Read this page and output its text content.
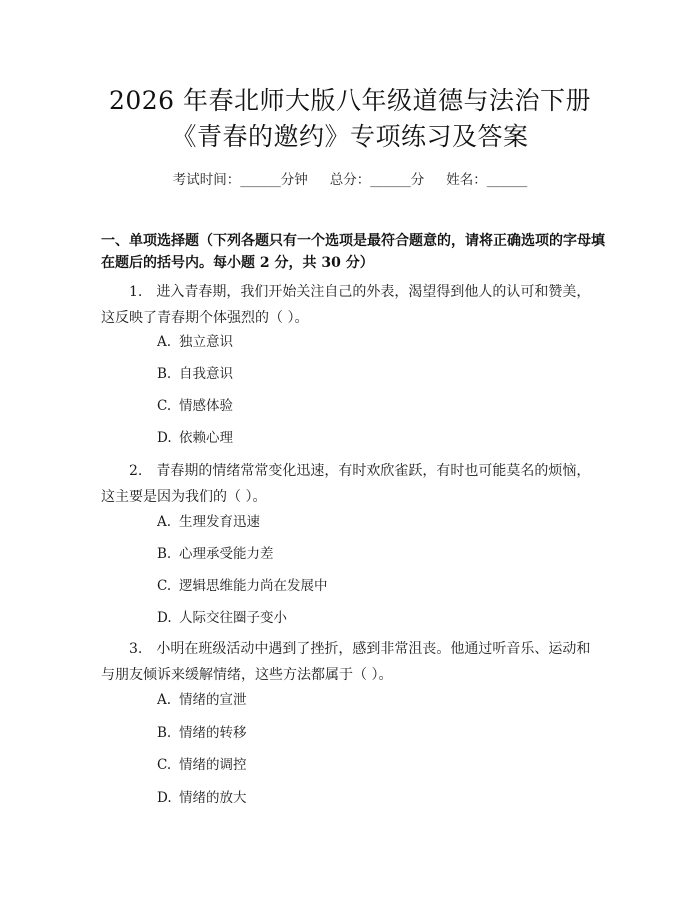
2026 年春北师大版八年级道德与法治下册
《青春的邀约》专项练习及答案
考试时间：______分钟 总分：______分 姓名：______
一、单项选择题（下列各题只有一个选项是最符合题意的，请将正确选项的字母填在题后的括号内。每小题 2 分，共 30 分）
1.　进入青春期，我们开始关注自己的外表，渴望得到他人的认可和赞美，这反映了青春期个体强烈的（ ）。
A. 独立意识
B. 自我意识
C. 情感体验
D. 依赖心理
2.　青春期的情绪常常变化迅速，有时欢欣雀跃，有时也可能莫名的烦恼，这主要是因为我们的（ ）。
A. 生理发育迅速
B. 心理承受能力差
C. 逻辑思维能力尚在发展中
D. 人际交往圈子变小
3.　小明在班级活动中遇到了挫折，感到非常沮丧。他通过听音乐、运动和与朋友倾诉来缓解情绪，这些方法都属于（ ）。
A. 情绪的宣泄
B. 情绪的转移
C. 情绪的调控
D. 情绪的放大
